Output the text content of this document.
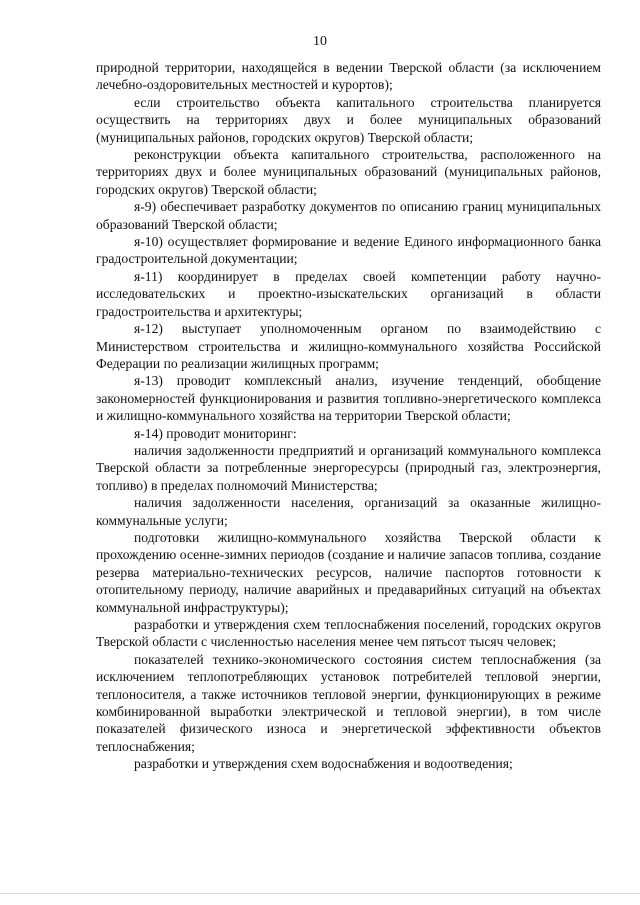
10

природной территории, находящейся в ведении Тверской области (за исключением лечебно-оздоровительных местностей и курортов);

если строительство объекта капитального строительства планируется осуществить на территориях двух и более муниципальных образований (муниципальных районов, городских округов) Тверской области;

реконструкции объекта капитального строительства, расположенного на территориях двух и более муниципальных образований (муниципальных районов, городских округов) Тверской области;

я-9) обеспечивает разработку документов по описанию границ муниципальных образований Тверской области;

я-10) осуществляет формирование и ведение Единого информационного банка градостроительной документации;

я-11) координирует в пределах своей компетенции работу научно-исследовательских и проектно-изыскательских организаций в области градостроительства и архитектуры;

я-12) выступает уполномоченным органом по взаимодействию с Министерством строительства и жилищно-коммунального хозяйства Российской Федерации по реализации жилищных программ;

я-13) проводит комплексный анализ, изучение тенденций, обобщение закономерностей функционирования и развития топливно-энергетического комплекса и жилищно-коммунального хозяйства на территории Тверской области;

я-14) проводит мониторинг:

наличия задолженности предприятий и организаций коммунального комплекса Тверской области за потребленные энергоресурсы (природный газ, электроэнергия, топливо) в пределах полномочий Министерства;

наличия задолженности населения, организаций за оказанные жилищно-коммунальные услуги;

подготовки жилищно-коммунального хозяйства Тверской области к прохождению осенне-зимних периодов (создание и наличие запасов топлива, создание резерва материально-технических ресурсов, наличие паспортов готовности к отопительному периоду, наличие аварийных и предаварийных ситуаций на объектах коммунальной инфраструктуры);

разработки и утверждения схем теплоснабжения поселений, городских округов Тверской области с численностью населения менее чем пятьсот тысяч человек;

показателей технико-экономического состояния систем теплоснабжения (за исключением теплопотребляющих установок потребителей тепловой энергии, теплоносителя, а также источников тепловой энергии, функционирующих в режиме комбинированной выработки электрической и тепловой энергии), в том числе показателей физического износа и энергетической эффективности объектов теплоснабжения;

разработки и утверждения схем водоснабжения и водоотведения;
